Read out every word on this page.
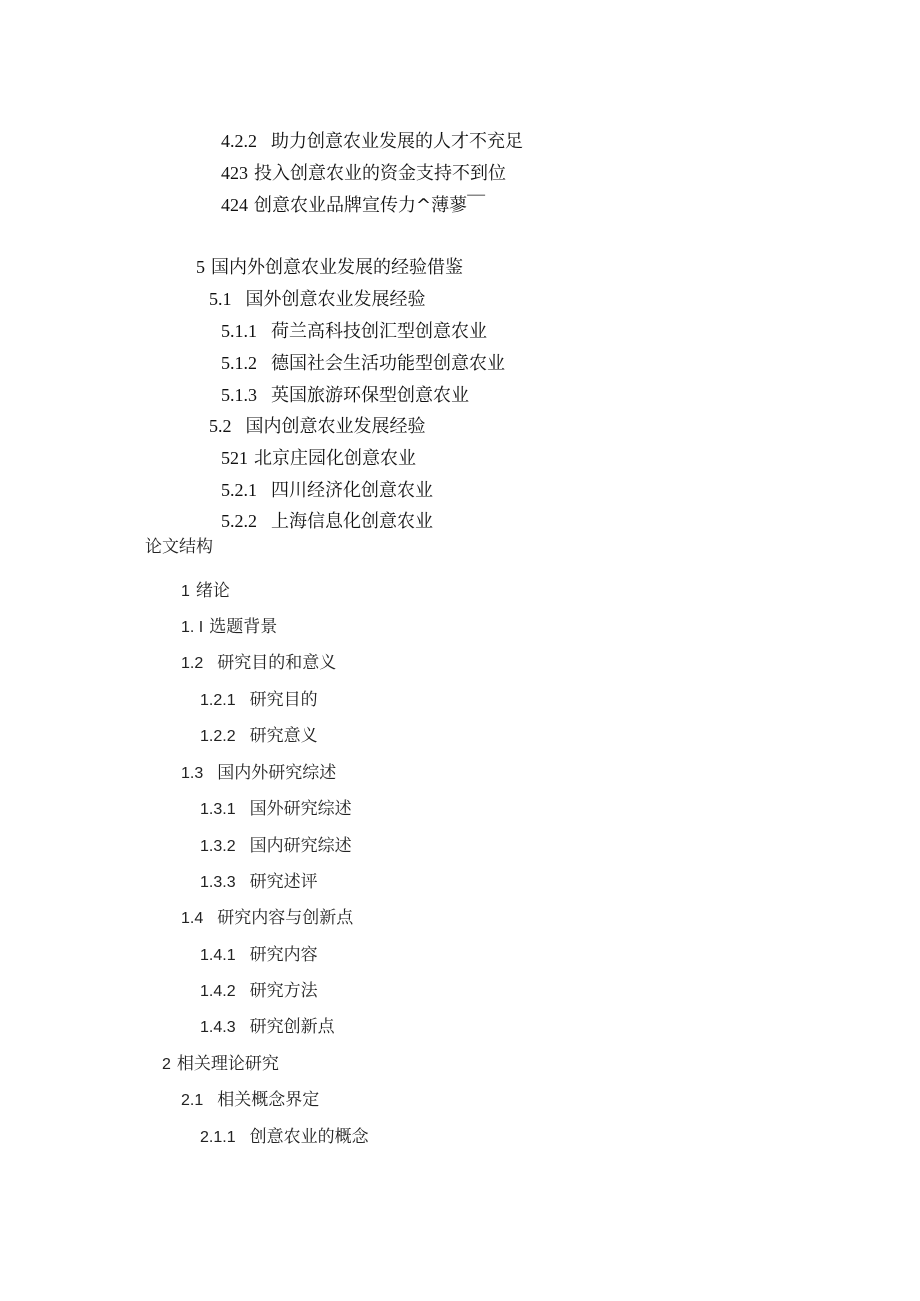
4.2.2 助力创意农业发展的人才不充足
423 投入创意农业的资金支持不到位
424 创意农业品牌宣传力^薄蓼￣
5 国内外创意农业发展的经验借鉴
5.1 国外创意农业发展经验
5.1.1 荷兰高科技创汇型创意农业
5.1.2 德国社会生活功能型创意农业
5.1.3 英国旅游环保型创意农业
5.2 国内创意农业发展经验
521 北京庄园化创意农业
5.2.1 四川经济化创意农业
5.2.2 上海信息化创意农业
论文结构
1 绪论
1. I 选题背景
1.2 研究目的和意义
1.2.1 研究目的
1.2.2 研究意义
1.3 国内外研究综述
1.3.1 国外研究综述
1.3.2 国内研究综述
1.3.3 研究述评
1.4 研究内容与创新点
1.4.1 研究内容
1.4.2 研究方法
1.4.3 研究创新点
2 相关理论研究
2.1 相关概念界定
2.1.1 创意农业的概念
